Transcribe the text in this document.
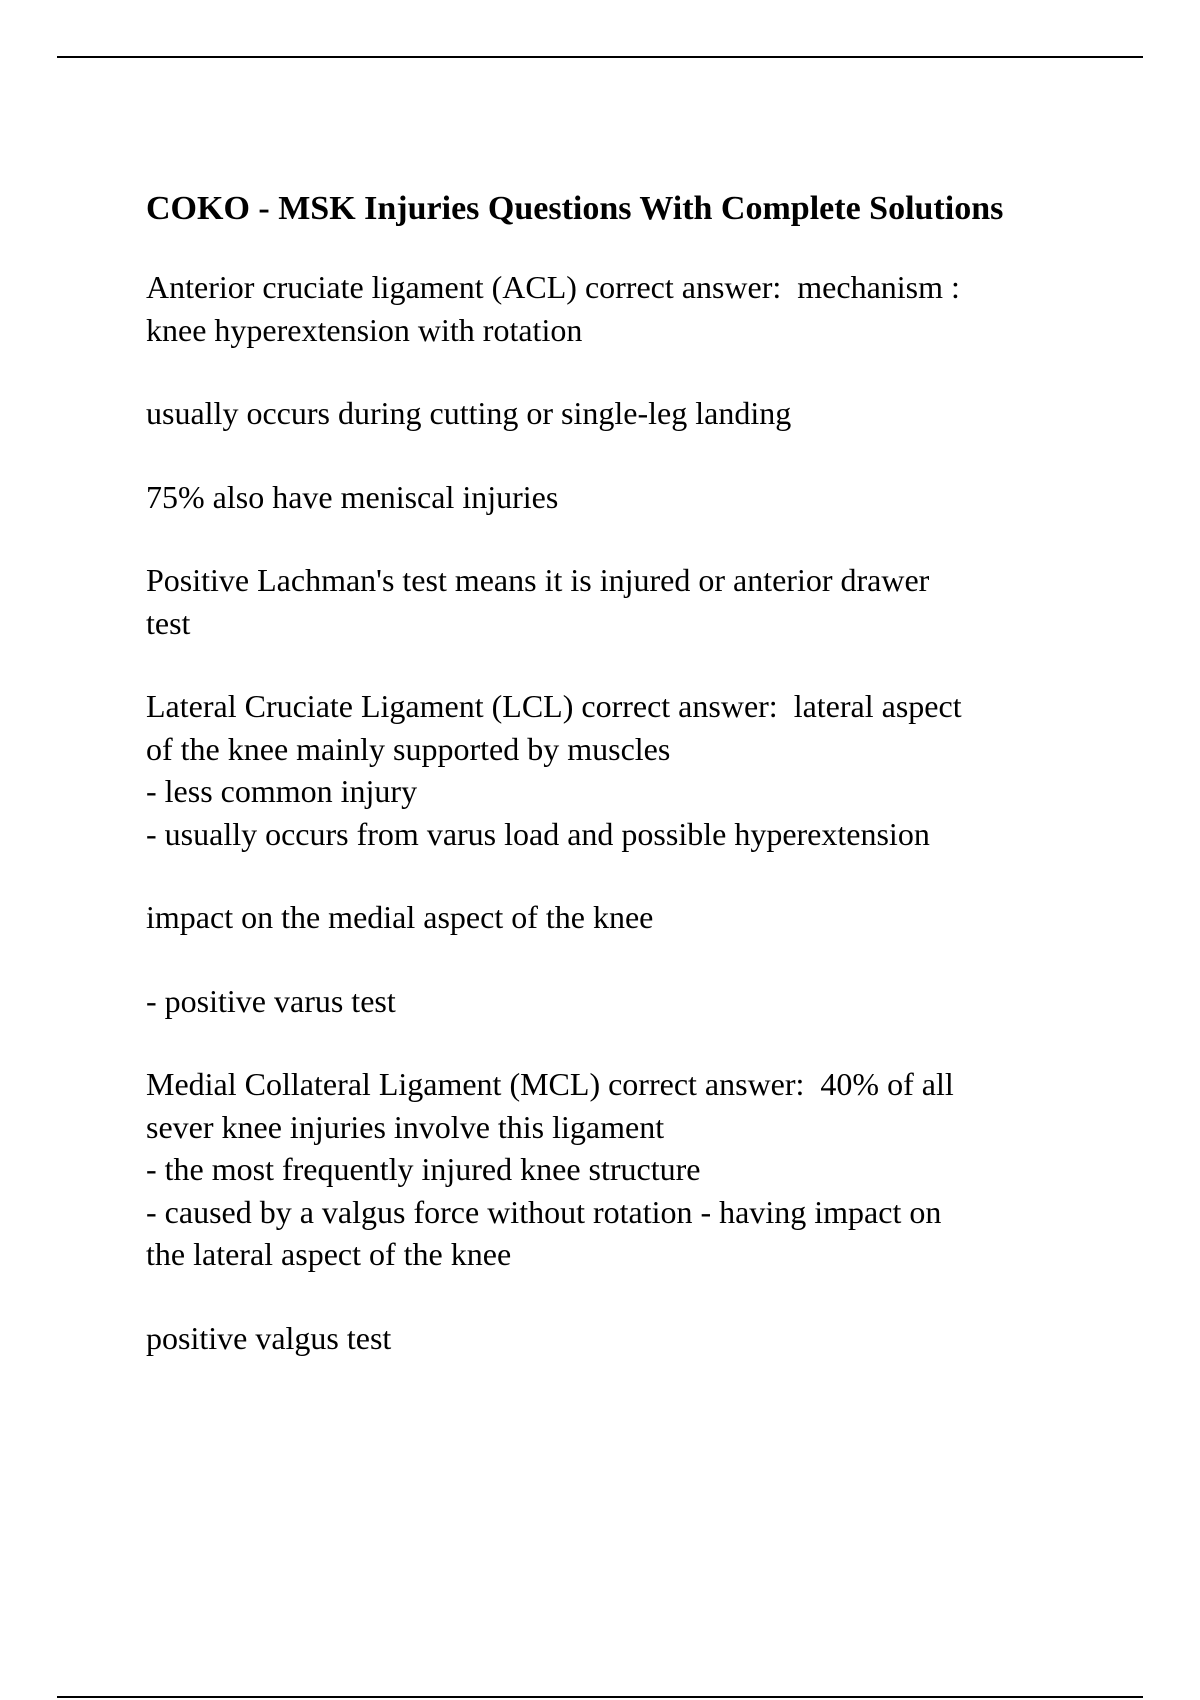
COKO - MSK Injuries Questions With Complete Solutions
Anterior cruciate ligament (ACL) correct answer:  mechanism :
knee hyperextension with rotation
usually occurs during cutting or single-leg landing
75% also have meniscal injuries
Positive Lachman's test means it is injured or anterior drawer
test
Lateral Cruciate Ligament (LCL) correct answer:  lateral aspect
of the knee mainly supported by muscles
- less common injury
- usually occurs from varus load and possible hyperextension
impact on the medial aspect of the knee
- positive varus test
Medial Collateral Ligament (MCL) correct answer:  40% of all
sever knee injuries involve this ligament
- the most frequently injured knee structure
- caused by a valgus force without rotation - having impact on
the lateral aspect of the knee
positive valgus test
